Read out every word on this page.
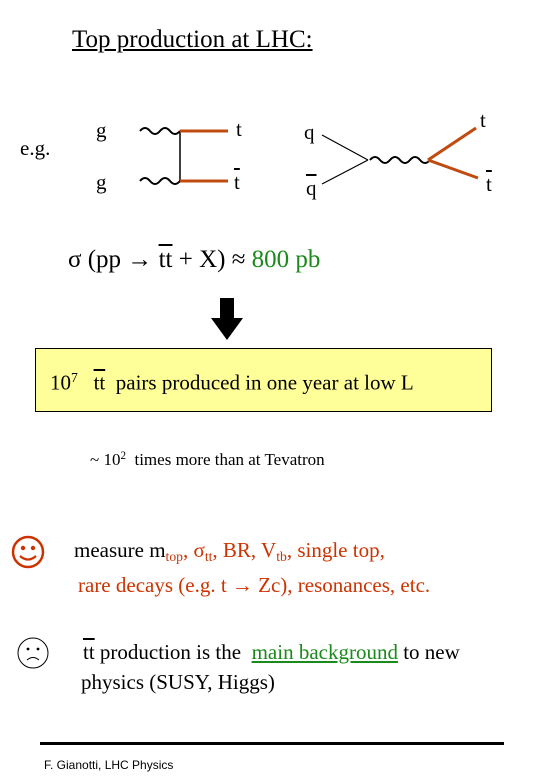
Top production at LHC:
e.g.
g
g
t
$\overline{t}$
q
$\overline{q}$
t
$\overline{t}$
σ $(pp \to \overline{tt} + X) \approx 800$ pb
$10^7$ $\overline{tt}$ pairs produced in one year at low L
~ $10^2$ times more than at Tevatron
measure $m_{top}$, $\sigma_{tt}$, BR, $V_{tb}$, single top,
rare decays (e.g. t → Zc), resonances, etc.
$\overline{tt}$ production is the main background to new
physics (SUSY, Higgs)
F. Gianotti, LHC Physics
